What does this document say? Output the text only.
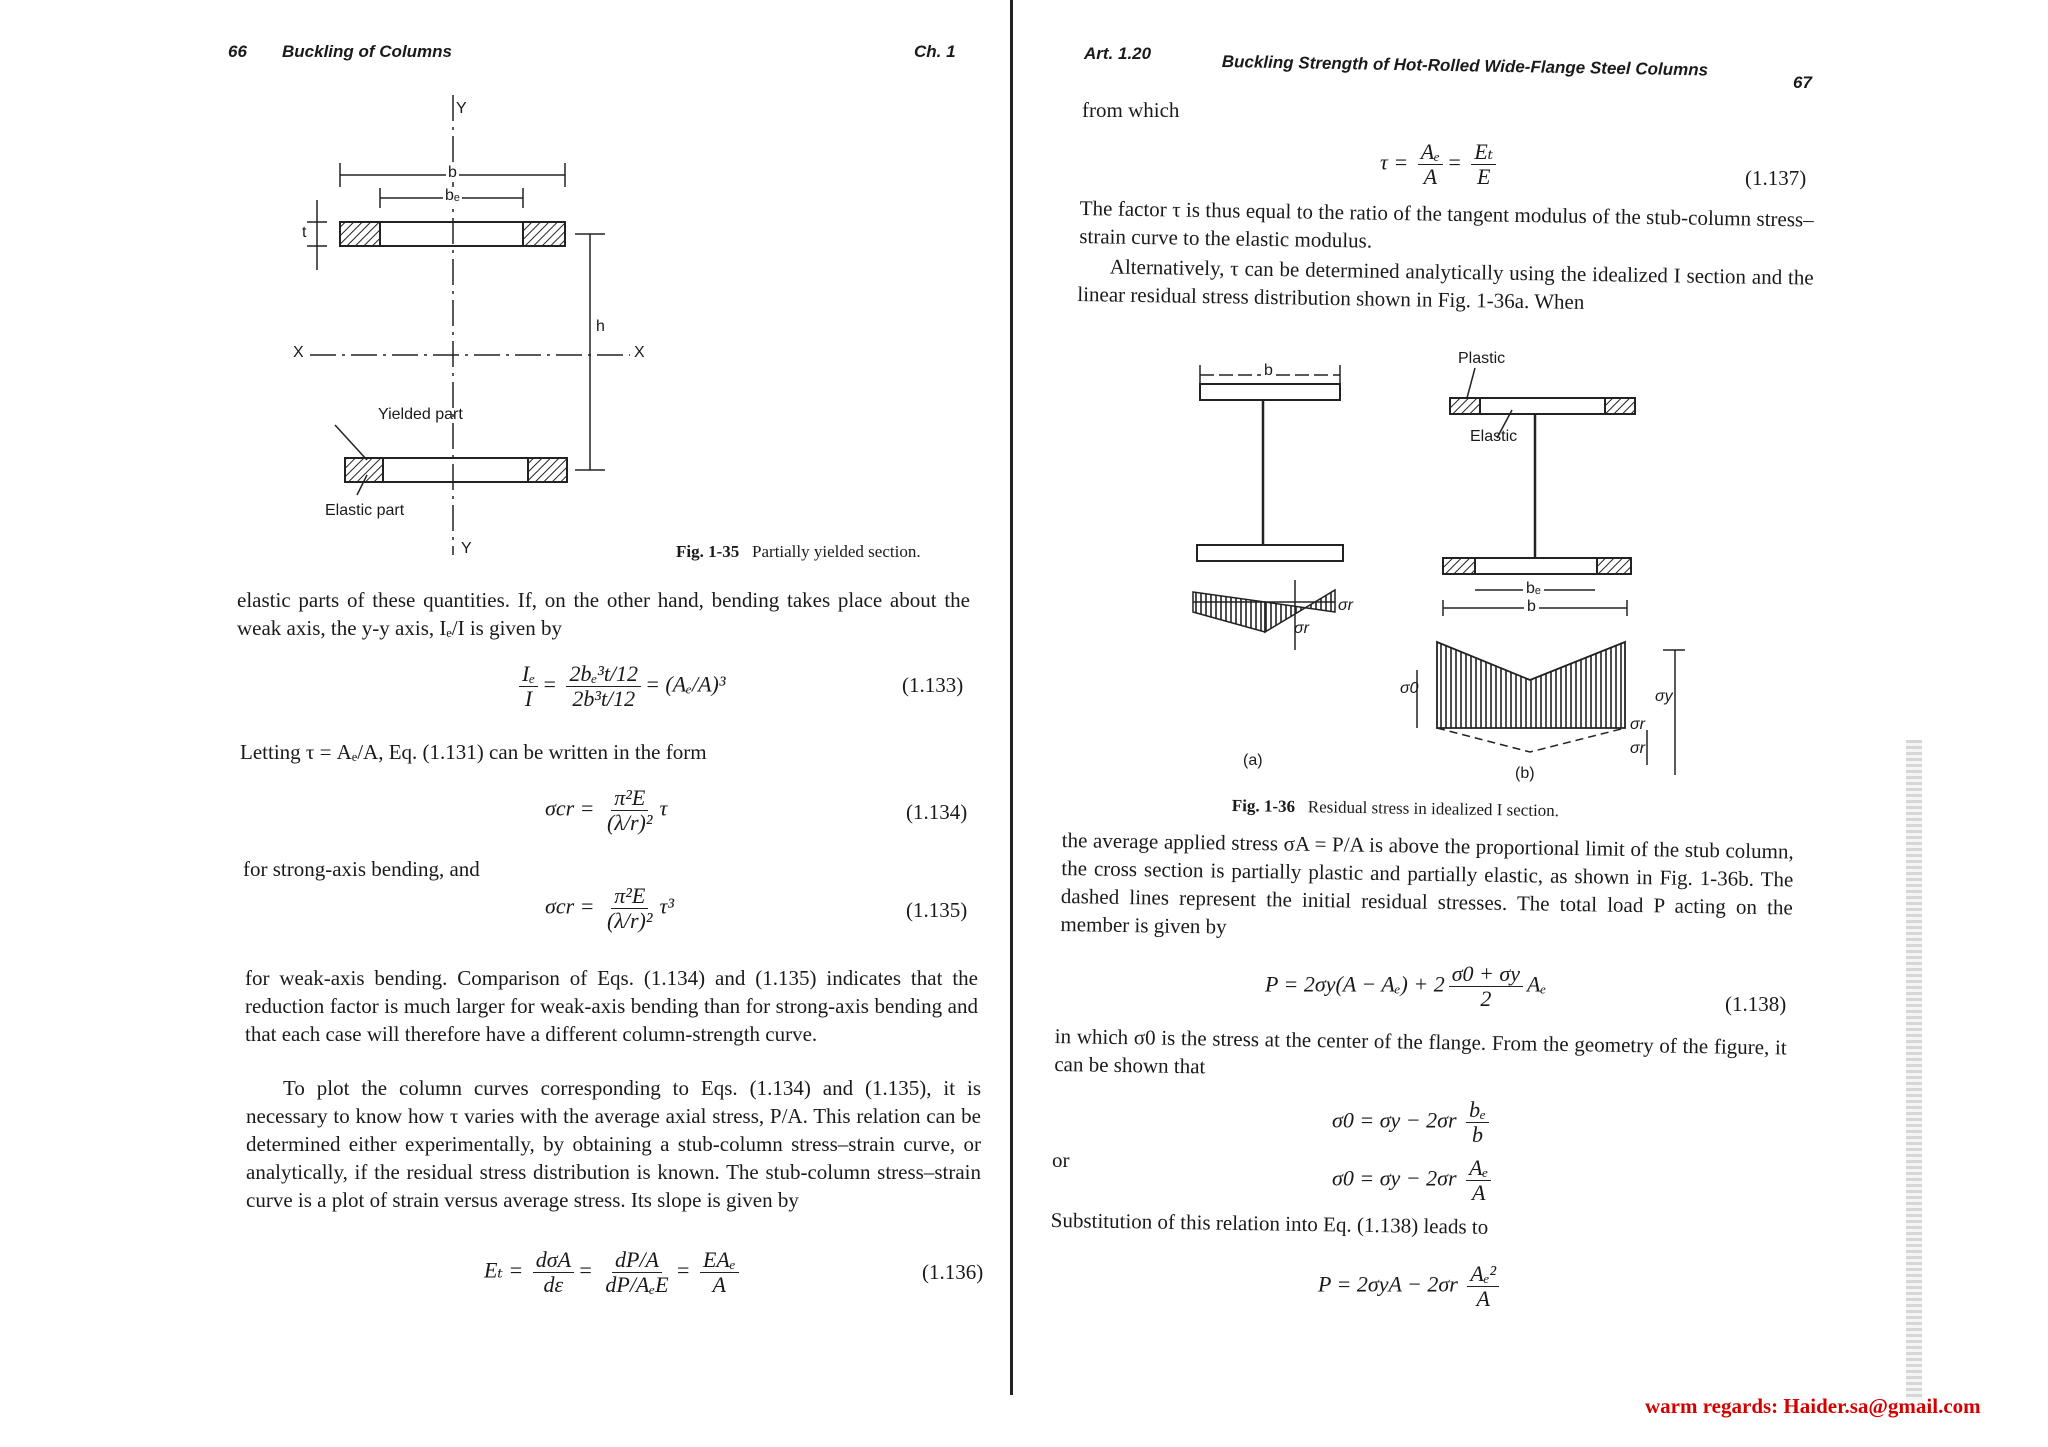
66 Buckling of Columns	Ch. 1
Y
b
bₑ
t
h
X	X
Yielded part
Elastic part
Y	Fig. 1-35 Partially yielded section.
elastic parts of these quantities. If, on the other hand, bending takes place about the weak axis, the y-y axis, Iₑ/I is given by
$\frac{\text{Iₑ}}{I} = \frac{\text{2bₑ³t/12}}{\text{2b³t/12}} = (A_e/A)^3$	(1.133)
Letting τ = Aₑ/A, Eq. (1.131) can be written in the form
$\sigma cr = \frac{\text{π²E}}{\text{(λ/r)²}}$ τ	(1.134)
for strong-axis bending, and
$\sigma cr = \frac{\text{π²E}}{\text{(λ/r)²}} \tau^3$	(1.135)
for weak-axis bending. Comparison of Eqs. (1.134) and (1.135) indicates that the reduction factor is much larger for weak-axis bending than for strong-axis bending and that each case will therefore have a different column-strength curve.
To plot the column curves corresponding to Eqs. (1.134) and (1.135), it is necessary to know how τ varies with the average axial stress, P/A. This relation can be determined either experimentally, by obtaining a stub-column stress–strain curve, or analytically, if the residual stress distribution is known. The stub-column stress–strain curve is a plot of strain versus average stress. Its slope is given by
$E_t = \frac{\text{dσA}}{d\varepsilon} = \frac{dP/A}{\text{dP/AₑE}} = \frac{\text{EAₑ}}{A}$	(1.136)
Art. 1.20	Buckling Strength of Hot-Rolled Wide-Flange Steel Columns
67
from which
$\tau = \frac{\text{Aₑ}}{A} = \frac{\text{Eₜ}}{E}$	(1.137)
The factor τ is thus equal to the ratio of the tangent modulus of the stub-column stress–strain curve to the elastic modulus.
Alternatively, τ can be determined analytically using the idealized I section and the linear residual stress distribution shown in Fig. 1-36a. When
b
Plastic
Elastic
bₑ
b
σr
σr
σ0	σy
σr
σr
(a)
(b)
Fig. 1-36 Residual stress in idealized I section.
the average applied stress σA = P/A is above the proportional limit of the stub column, the cross section is partially plastic and partially elastic, as shown in Fig. 1-36b. The dashed lines represent the initial residual stresses. The total load P acting on the member is given by
$P = 2\sigma y(A - A_e) + 2 \frac{\sigma 0 + \sigma y}{2}$ Aₑ
(1.138)
in which σ0 is the stress at the center of the flange. From the geometry of the figure, it can be shown that
$\sigma 0 = \sigma y - 2\sigma r \frac{\text{bₑ}}{b}$
or
$\sigma 0 = \sigma y - 2\sigma r \frac{\text{Aₑ}}{A}$
Substitution of this relation into Eq. (1.138) leads to
$P = 2\sigma yA - 2\sigma r \frac{\text{Aₑ²}}{A}$
warm regards: Haider.sa@gmail.com
